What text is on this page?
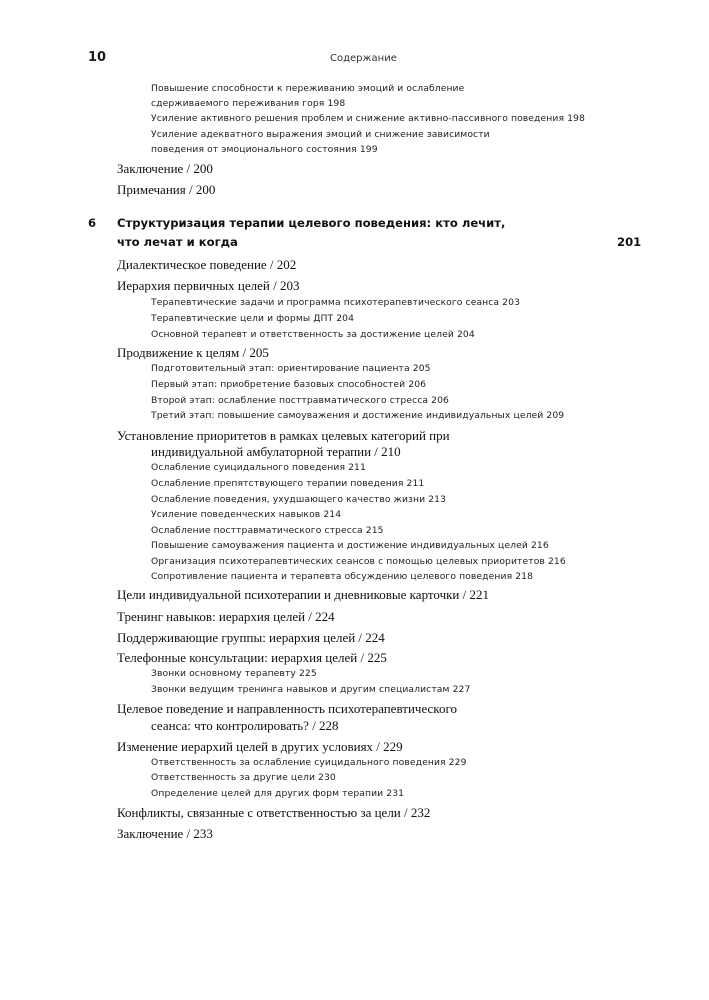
10	Содержание
Повышение способности к переживанию эмоций и ослабление
сдерживаемого переживания горя 198
Усиление активного решения проблем и снижение активно-пассивного поведения 198
Усиление адекватного выражения эмоций и снижение зависимости
поведения от эмоционального состояния 199
Заключение / 200
Примечания / 200
6 Структуризация терапии целевого поведения: кто лечит,
что лечат и когда	201
Диалектическое поведение / 202
Иерархия первичных целей / 203
Терапевтические задачи и программа психотерапевтического сеанса 203
Терапевтические цели и формы ДПТ 204
Основной терапевт и ответственность за достижение целей 204
Продвижение к целям / 205
Подготовительный этап: ориентирование пациента 205
Первый этап: приобретение базовых способностей 206
Второй этап: ослабление посттравматического стресса 206
Третий этап: повышение самоуважения и достижение индивидуальных целей 209
Установление приоритетов в рамках целевых категорий при
индивидуальной амбулаторной терапии / 210
Ослабление суицидального поведения 211
Ослабление препятствующего терапии поведения 211
Ослабление поведения, ухудшающего качество жизни 213
Усиление поведенческих навыков 214
Ослабление посттравматического стресса 215
Повышение самоуважения пациента и достижение индивидуальных целей 216
Организация психотерапевтических сеансов с помощью целевых приоритетов 216
Сопротивление пациента и терапевта обсуждению целевого поведения 218
Цели индивидуальной психотерапии и дневниковые карточки / 221
Тренинг навыков: иерархия целей / 224
Поддерживающие группы: иерархия целей / 224
Телефонные консультации: иерархия целей / 225
Звонки основному терапевту 225
Звонки ведущим тренинга навыков и другим специалистам 227
Целевое поведение и направленность психотерапевтического
сеанса: что контролировать? / 228
Изменение иерархий целей в других условиях / 229
Ответственность за ослабление суицидального поведения 229
Ответственность за другие цели 230
Определение целей для других форм терапии 231
Конфликты, связанные с ответственностью за цели / 232
Заключение / 233
